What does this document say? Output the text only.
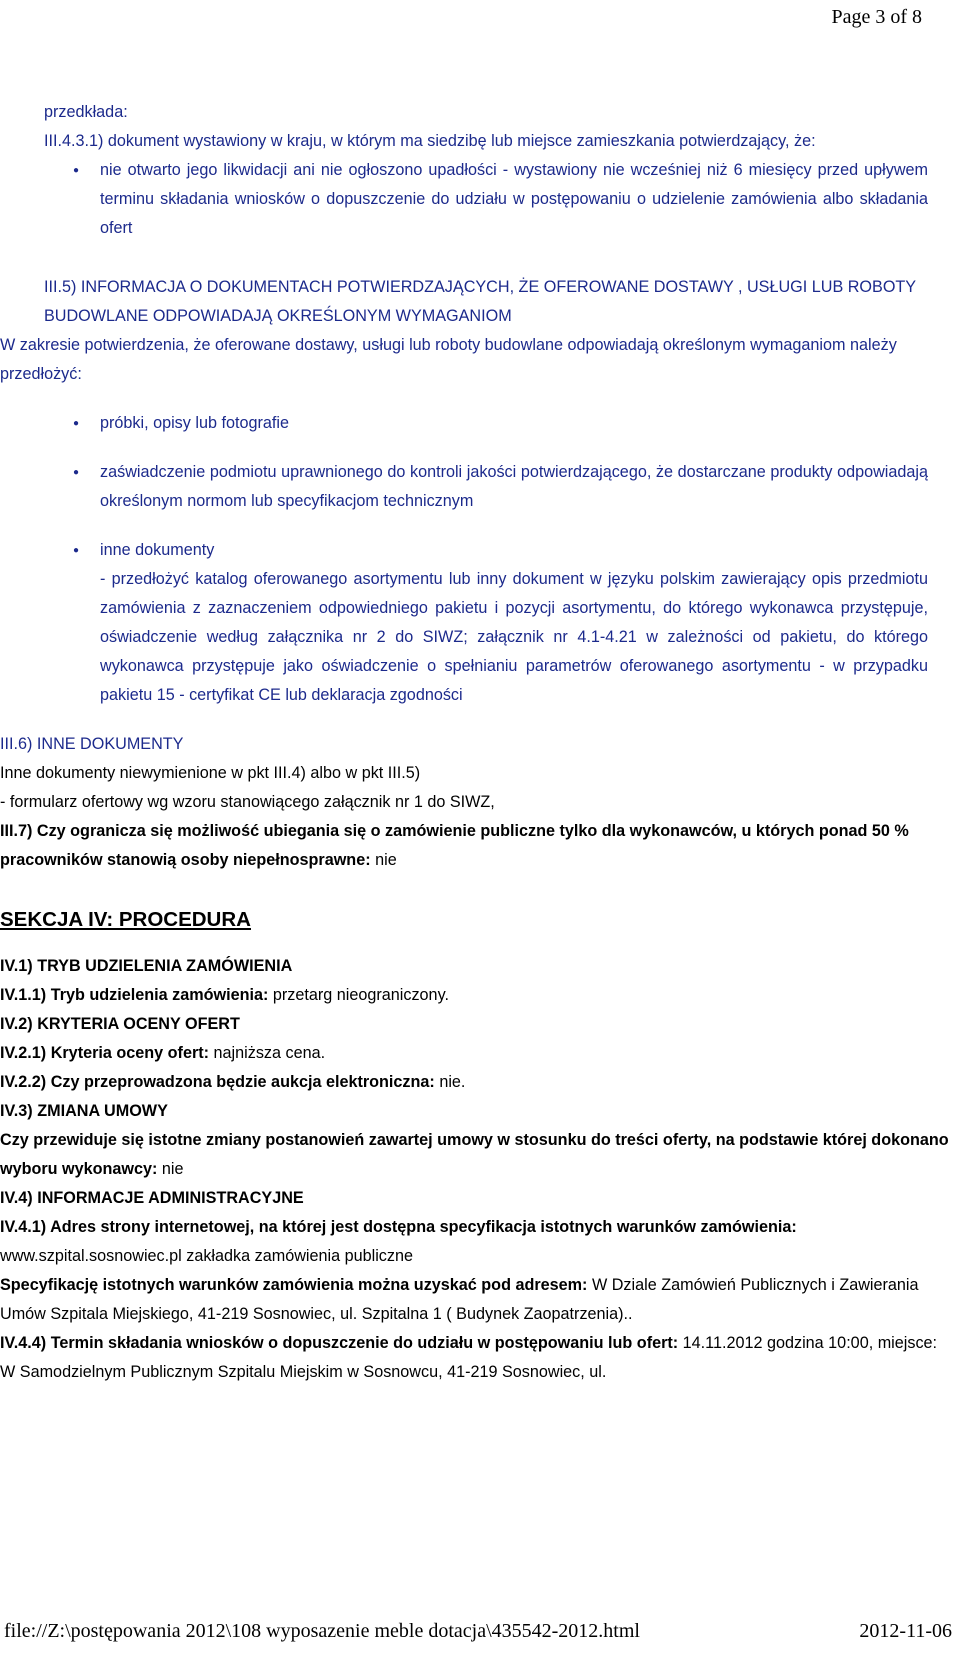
Page 3 of 8
przedkłada:
III.4.3.1) dokument wystawiony w kraju, w którym ma siedzibę lub miejsce zamieszkania potwierdzający, że:
● nie otwarto jego likwidacji ani nie ogłoszono upadłości - wystawiony nie wcześniej niż 6 miesięcy przed upływem terminu składania wniosków o dopuszczenie do udziału w postępowaniu o udzielenie zamówienia albo składania ofert
III.5) INFORMACJA O DOKUMENTACH POTWIERDZAJĄCYCH, ŻE OFEROWANE DOSTAWY , USŁUGI LUB ROBOTY BUDOWLANE ODPOWIADAJĄ OKREŚLONYM WYMAGANIOM
W zakresie potwierdzenia, że oferowane dostawy, usługi lub roboty budowlane odpowiadają określonym wymaganiom należy przedłożyć:
● próbki, opisy lub fotografie
● zaświadczenie podmiotu uprawnionego do kontroli jakości potwierdzającego, że dostarczane produkty odpowiadają określonym normom lub specyfikacjom technicznym
● inne dokumenty
- przedłożyć katalog oferowanego asortymentu lub inny dokument w języku polskim zawierający opis przedmiotu zamówienia z zaznaczeniem odpowiedniego pakietu i pozycji asortymentu, do którego wykonawca przystępuje, oświadczenie według załącznika nr 2 do SIWZ; załącznik nr 4.1-4.21 w zależności od pakietu, do którego wykonawca przystępuje jako oświadczenie o spełnianiu parametrów oferowanego asortymentu - w przypadku pakietu 15 - certyfikat CE lub deklaracja zgodności
III.6) INNE DOKUMENTY
Inne dokumenty niewymienione w pkt III.4) albo w pkt III.5)
- formularz ofertowy wg wzoru stanowiącego załącznik nr 1 do SIWZ,
III.7) Czy ogranicza się możliwość ubiegania się o zamówienie publiczne tylko dla wykonawców, u których ponad 50 % pracowników stanowią osoby niepełnosprawne: nie
SEKCJA IV: PROCEDURA
IV.1) TRYB UDZIELENIA ZAMÓWIENIA
IV.1.1) Tryb udzielenia zamówienia: przetarg nieograniczony.
IV.2) KRYTERIA OCENY OFERT
IV.2.1) Kryteria oceny ofert: najniższa cena.
IV.2.2) Czy przeprowadzona będzie aukcja elektroniczna: nie.
IV.3) ZMIANA UMOWY
Czy przewiduje się istotne zmiany postanowień zawartej umowy w stosunku do treści oferty, na podstawie której dokonano wyboru wykonawcy: nie
IV.4) INFORMACJE ADMINISTRACYJNE
IV.4.1) Adres strony internetowej, na której jest dostępna specyfikacja istotnych warunków zamówienia: www.szpital.sosnowiec.pl zakładka zamówienia publiczne
Specyfikację istotnych warunków zamówienia można uzyskać pod adresem: W Dziale Zamówień Publicznych i Zawierania Umów Szpitala Miejskiego, 41-219 Sosnowiec, ul. Szpitalna 1 ( Budynek Zaopatrzenia)..
IV.4.4) Termin składania wniosków o dopuszczenie do udziału w postępowaniu lub ofert: 14.11.2012 godzina 10:00, miejsce: W Samodzielnym Publicznym Szpitalu Miejskim w Sosnowcu, 41-219 Sosnowiec, ul.
file://Z:\postępowania 2012\108 wyposazenie meble dotacja\435542-2012.html	2012-11-06
